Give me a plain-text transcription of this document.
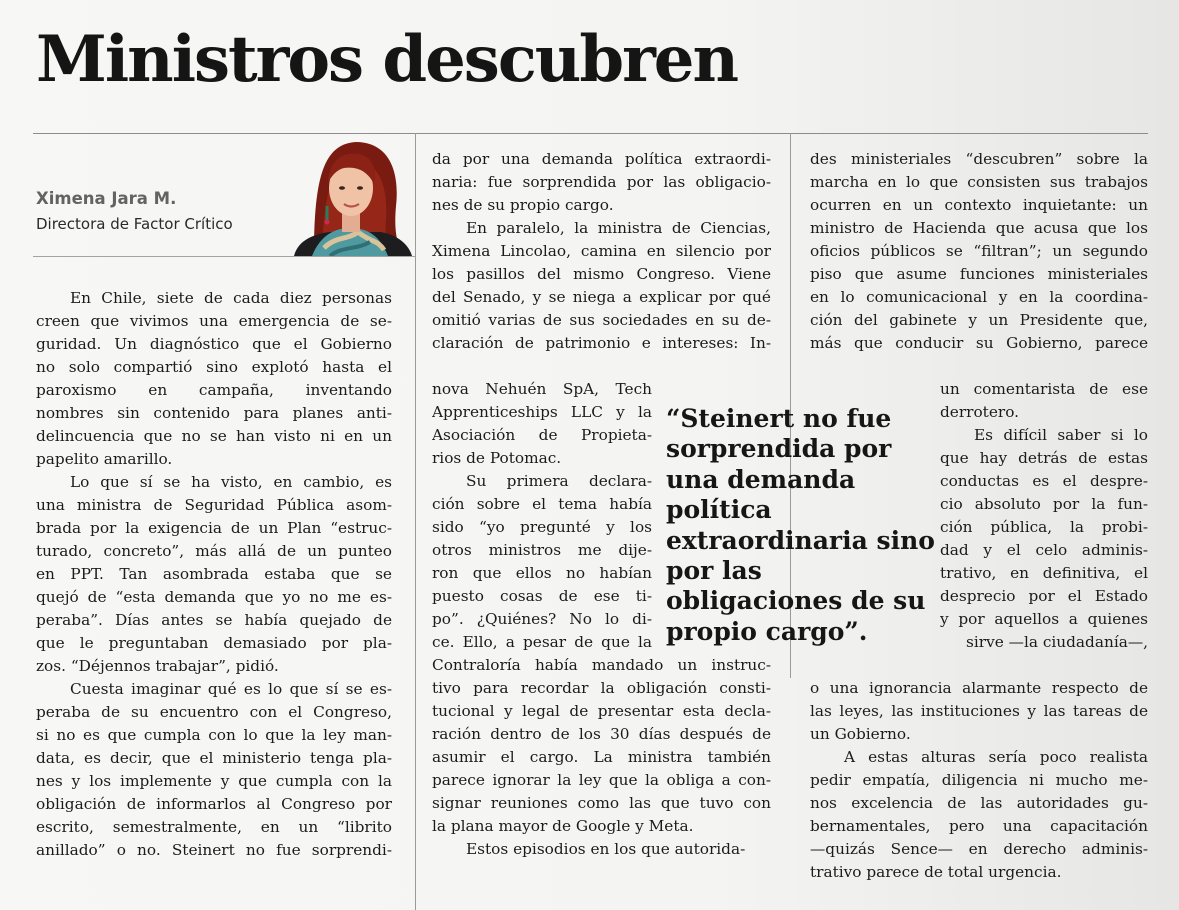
Ministros descubren
Ximena Jara M.
Directora de Factor Crítico
En Chile, siete de cada diez personas
creen que vivimos una emergencia de se-
guridad. Un diagnóstico que el Gobierno
no solo compartió sino explotó hasta el
paroxismo en campaña, inventando
nombres sin contenido para planes anti-
delincuencia que no se han visto ni en un
papelito amarillo.
Lo que sí se ha visto, en cambio, es
una ministra de Seguridad Pública asom-
brada por la exigencia de un Plan “estruc-
turado, concreto”, más allá de un punteo
en PPT. Tan asombrada estaba que se
quejó de “esta demanda que yo no me es-
peraba”. Días antes se había quejado de
que le preguntaban demasiado por pla-
zos. “Déjennos trabajar”, pidió.
Cuesta imaginar qué es lo que sí se es-
peraba de su encuentro con el Congreso,
si no es que cumpla con lo que la ley man-
data, es decir, que el ministerio tenga pla-
nes y los implemente y que cumpla con la
obligación de informarlos al Congreso por
escrito, semestralmente, en un “librito
anillado” o no. Steinert no fue sorprendi-
da por una demanda política extraordi-
naria: fue sorprendida por las obligacio-
nes de su propio cargo.
En paralelo, la ministra de Ciencias,
Ximena Lincolao, camina en silencio por
los pasillos del mismo Congreso. Viene
del Senado, y se niega a explicar por qué
omitió varias de sus sociedades en su de-
claración de patrimonio e intereses: In-
nova Nehuén SpA, Tech
Apprenticeships LLC y la
Asociación de Propieta-
rios de Potomac.
Su primera declara-
ción sobre el tema había
sido “yo pregunté y los
otros ministros me dije-
ron que ellos no habían
puesto cosas de ese ti-
po”. ¿Quiénes? No lo di-
ce. Ello, a pesar de que la
Contraloría había mandado un instruc-
tivo para recordar la obligación consti-
tucional y legal de presentar esta decla-
ración dentro de los 30 días después de
asumir el cargo. La ministra también
parece ignorar la ley que la obliga a con-
signar reuniones como las que tuvo con
la plana mayor de Google y Meta.
Estos episodios en los que autorida-
des ministeriales “descubren” sobre la
marcha en lo que consisten sus trabajos
ocurren en un contexto inquietante: un
ministro de Hacienda que acusa que los
oficios públicos se “filtran”; un segundo
piso que asume funciones ministeriales
en lo comunicacional y en la coordina-
ción del gabinete y un Presidente que,
más que conducir su Gobierno, parece
un comentarista de ese
derrotero.
Es difícil saber si lo
que hay detrás de estas
conductas es el despre-
cio absoluto por la fun-
ción pública, la probi-
dad y el celo adminis-
trativo, en definitiva, el
desprecio por el Estado
y por aquellos a quienes
sirve —la ciudadanía—,
o una ignorancia alarmante respecto de
las leyes, las instituciones y las tareas de
un Gobierno.
A estas alturas sería poco realista
pedir empatía, diligencia ni mucho me-
nos excelencia de las autoridades gu-
bernamentales, pero una capacitación
—quizás Sence— en derecho adminis-
trativo parece de total urgencia.
“Steinert no fue
sorprendida por
una demanda
política
extraordinaria sino
por las
obligaciones de su
propio cargo”.
